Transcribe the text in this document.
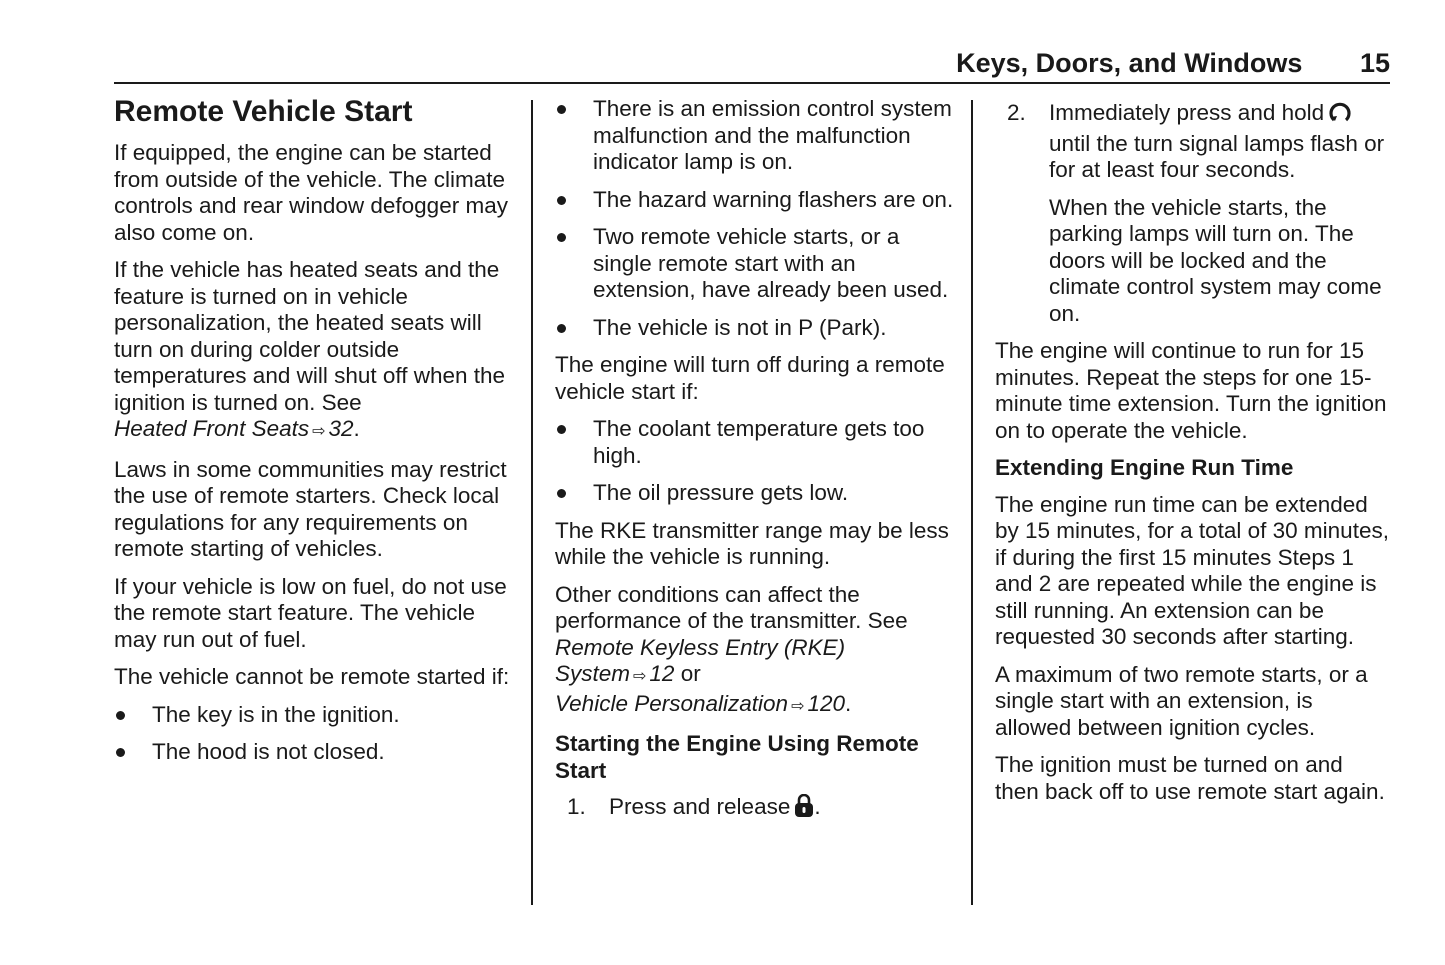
Keys, Doors, and Windows 15
Remote Vehicle Start

If equipped, the engine can be started from outside of the vehicle. The climate controls and rear window defogger may also come on.

If the vehicle has heated seats and the feature is turned on in vehicle personalization, the heated seats will turn on during colder outside temperatures and will shut off when the ignition is turned on. See
Heated Front Seats ⇨ 32.

Laws in some communities may restrict the use of remote starters. Check local regulations for any requirements on remote starting of vehicles.

If your vehicle is low on fuel, do not use the remote start feature. The vehicle may run out of fuel.

The vehicle cannot be remote started if:

The key is in the ignition.
The hood is not closed.
There is an emission control system malfunction and the malfunction indicator lamp is on.
The hazard warning flashers are on.
Two remote vehicle starts, or a single remote start with an extension, have already been used.
The vehicle is not in P (Park).

The engine will turn off during a remote vehicle start if:

The coolant temperature gets too high.
The oil pressure gets low.

The RKE transmitter range may be less while the vehicle is running.

Other conditions can affect the performance of the transmitter. See
Remote Keyless Entry (RKE) System ⇨ 12 or
Vehicle Personalization ⇨ 120.

Starting the Engine Using Remote Start
1. Press and release .
2. Immediately press and hold
until the turn signal lamps flash or for at least four seconds.

When the vehicle starts, the parking lamps will turn on. The doors will be locked and the climate control system may come on.

The engine will continue to run for 15 minutes. Repeat the steps for one 15-minute time extension. Turn the ignition on to operate the vehicle.

Extending Engine Run Time

The engine run time can be extended by 15 minutes, for a total of 30 minutes, if during the first 15 minutes Steps 1 and 2 are repeated while the engine is still running. An extension can be requested 30 seconds after starting.

A maximum of two remote starts, or a single start with an extension, is allowed between ignition cycles.

The ignition must be turned on and then back off to use remote start again.
